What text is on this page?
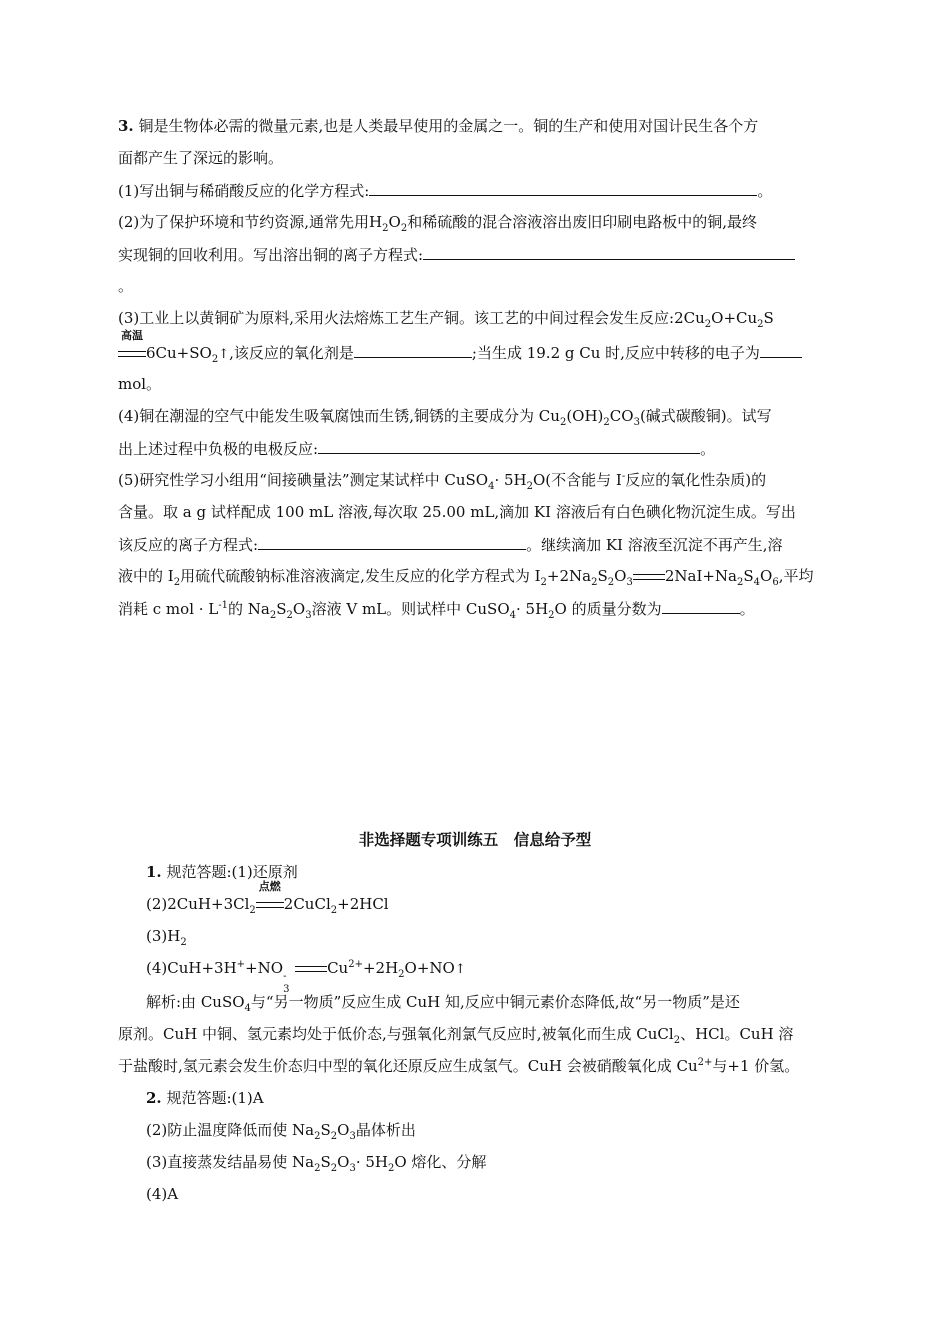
3. 铜是生物体必需的微量元素,也是人类最早使用的金属之一。铜的生产和使用对国计民生各个方
面都产生了深远的影响。
(1)写出铜与稀硝酸反应的化学方程式:	。
(2)为了保护环境和节约资源,通常先用$H_2O_2$和稀硫酸的混合溶液溶出废旧印刷电路板中的铜,最终
实现铜的回收利用。写出溶出铜的离子方程式:
。
(3)工业上以黄铜矿为原料,采用火法熔炼工艺生产铜。该工艺的中间过程会发生反应$:2Cu_2O+Cu_2S$
高温
$6Cu+SO_2↑$,该反应的氧化剂是	;当生成 19.2 g Cu 时,反应中转移的电子为
mol。
(4)铜在潮湿的空气中能发生吸氧腐蚀而生锈,铜锈的主要成分为 $Cu_2(OH)_2CO_3$(碱式碳酸铜)。试写
出上述过程中负极的电极反应:	。
(5)研究性学习小组用“间接碘量法”测定某试样中 CuSO$_4$· $5H_2O$(不含能与 I-反应的氧化性杂质)的
含量。取 a g 试样配成 100 mL 溶液,每次取 25.00 mL,滴加 KI 溶液后有白色碘化物沉淀生成。写出
该反应的离子方程式:	。继续滴加 KI 溶液至沉淀不再产生,溶
液中的 $I_2$用硫代硫酸钠标准溶液滴定,发生反应的化学方程式为 $I_2+2Na_2S_2O_3$ $2NaI+Na_2S_4O_6$,平均
消耗 c mol · $L^{-1}$的 $Na_2S_2O_3$溶液 V mL。则试样中 CuSO$_4$· $5H_2O$ 的质量分数为	。
非选择题专项训练五　信息给予型
1. 规范答题:(1)还原剂
$(2)2CuH+3Cl_2$
点燃
2CuCl$_2$+2HCl
$(3)H_2$
(4)CuH+3H++NO -
3
$Cu^{2+}+2H_2O+NO↑$
解析:由 CuSO$_4$与“另一物质”反应生成 CuH 知,反应中铜元素价态降低,故“另一物质”是还
原剂。CuH 中铜、氢元素均处于低价态,与强氧化剂氯气反应时,被氧化而生成 CuCl$_2$、HCl。CuH 溶
于盐酸时,氢元素会发生价态归中型的氧化还原反应生成氢气。CuH 会被硝酸氧化成 $Cu^{2+}$与+1 价氢。
2. 规范答题:(1)A
(2)防止温度降低而使 $Na_2S_2O_3$晶体析出
(3)直接蒸发结晶易使 $Na_2S_2O_3\cdot 5H_2O$ 熔化、分解
(4)A
